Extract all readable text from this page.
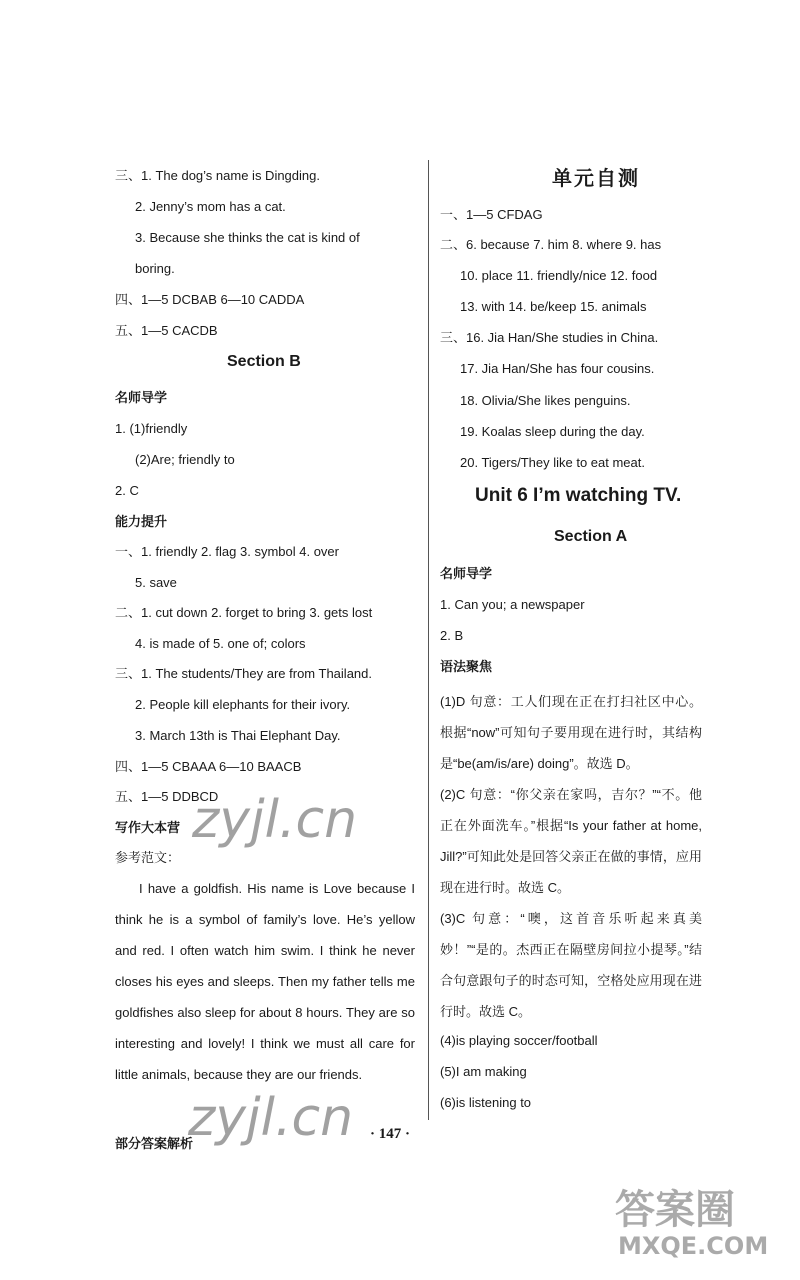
三、1. The dog’s name is Dingding.
2. Jenny’s mom has a cat.
3. Because she thinks the cat is kind of
boring.
四、1—5 DCBAB 6—10 CADDA
五、1—5 CACDB
Section B
名师导学
1. (1)friendly
(2)Are; friendly to
2. C
能力提升
一、1. friendly 2. flag 3. symbol 4. over
5. save
二、1. cut down 2. forget to bring 3. gets lost
4. is made of 5. one of; colors
三、1. The students/They are from Thailand.
2. People kill elephants for their ivory.
3. March 13th is Thai Elephant Day.
四、1—5 CBAAA 6—10 BAACB
五、1—5 DDBCD
写作大本营
参考范文：
I have a goldfish. His name is Love because I think he is a symbol of family’s love. He’s yellow and red. I often watch him swim. I think he never closes his eyes and sleeps. Then my father tells me goldfishes also sleep for about 8 hours. They are so interesting and lovely! I think we must all care for little animals, because they are our friends.
单元自测
一、1—5 CFDAG
二、6. because 7. him 8. where 9. has
10. place 11. friendly/nice 12. food
13. with 14. be/keep 15. animals
三、16. Jia Han/She studies in China.
17. Jia Han/She has four cousins.
18. Olivia/She likes penguins.
19. Koalas sleep during the day.
20. Tigers/They like to eat meat.
Unit 6 I’m watching TV.
Section A
名师导学
1. Can you; a newspaper
2. B
语法聚焦
(1)D 句意：工人们现在正在打扫社区中心。根据“now”可知句子要用现在进行时，其结构是“be(am/is/are) doing”。故选 D。
(2)C 句意：“你父亲在家吗，吉尔？”“不。他正在外面洗车。”根据“Is your father at home, Jill?”可知此处是回答父亲正在做的事情，应用现在进行时。故选 C。
(3)C 句意：“噢，这首音乐听起来真美妙！”“是的。杰西正在隔壁房间拉小提琴。”结合句意跟句子的时态可知，空格处应用现在进行时。故选 C。
(4)is playing soccer/football
(5)I am making
(6)is listening to
· 147 ·
部分答案解析
zyjl.cn
zyjl.cn
答案圈
MXQE.COM
